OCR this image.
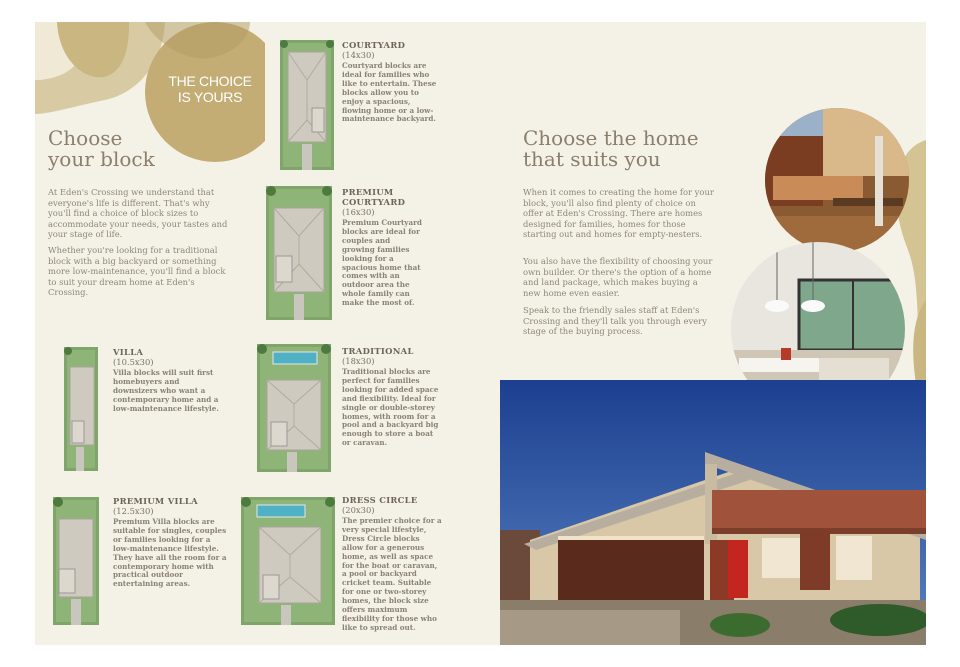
THE CHOICE
IS YOURS
Choose
your block

At Eden's Crossing we understand that everyone's life is different. That's why you'll find a choice of block sizes to accommodate your needs, your tastes and your stage of life.

Whether you're looking for a traditional block with a big backyard or something more low-maintenance, you'll find a block to suit your dream home at Eden's Crossing.

COURTYARD
(14x30)
Courtyard blocks are ideal for families who like to entertain. These blocks allow you to enjoy a spacious, flowing home or a low-maintenance backyard.
PREMIUM COURTYARD
(16x30)
Premium Courtyard blocks are ideal for couples and growing families looking for a spacious home that comes with an outdoor area the whole family can make the most of.
VILLA
(10.5x30)
Villa blocks will suit first homebuyers and downsizers who want a contemporary home and a low-maintenance lifestyle.
TRADITIONAL
(18x30)
Traditional blocks are perfect for families looking for added space and flexibility. Ideal for single or double-storey homes, with room for a pool and a backyard big enough to store a boat or caravan.
PREMIUM VILLA
(12.5x30)
Premium Villa blocks are suitable for singles, couples or families looking for a low-maintenance lifestyle. They have all the room for a contemporary home with practical outdoor entertaining areas.
DRESS CIRCLE
(20x30)
The premier choice for a very special lifestyle, Dress Circle blocks allow for a generous home, as well as space for the boat or caravan, a pool or backyard cricket team. Suitable for one or two-storey homes, the block size offers maximum flexibility for those who like to spread out.
Choose the home
that suits you

When it comes to creating the home for your block, you'll also find plenty of choice on offer at Eden's Crossing. There are homes designed for families, homes for those starting out and homes for empty-nesters.

You also have the flexibility of choosing your own builder. Or there's the option of a home and land package, which makes buying a new home even easier.

Speak to the friendly sales staff at Eden's Crossing and they'll talk you through every stage of the buying process.
